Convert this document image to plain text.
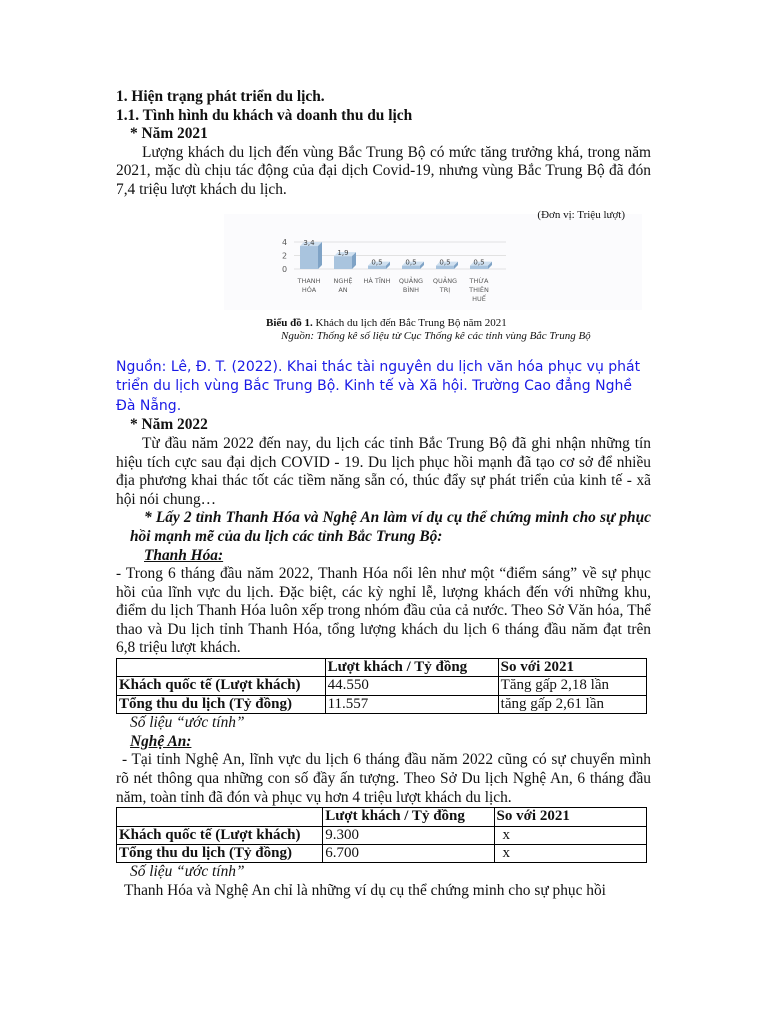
1. Hiện trạng phát triển du lịch.

1.1. Tình hình du khách và doanh thu du lịch

* Năm 2021

Lượng khách du lịch đến vùng Bắc Trung Bộ có mức tăng trưởng khá, trong năm 2021, mặc dù chịu tác động của đại dịch Covid-19, nhưng vùng Bắc Trung Bộ đã đón 7,4 triệu lượt khách du lịch.

0
2
4 3,4
THANH
HÓA
1,9
NGHỆ
AN
0,5
HÀ TĨNH
0,5
QUẢNG
BÌNH
0,5
QUẢNG
TRỊ
0,5
THỪA
THIÊN
HUẾ
(Đơn vị: Triệu lượt)
Biểu đồ 1. Khách du lịch đến Bắc Trung Bộ năm 2021
Nguồn: Thống kê số liệu từ Cục Thống kê các tỉnh vùng Bắc Trung Bộ

Nguồn: Lê, Đ. T. (2022). Khai thác tài nguyên du lịch văn hóa phục vụ phát triển du lịch vùng Bắc Trung Bộ. Kinh tế và Xã hội. Trường Cao đẳng Nghề Đà Nẵng.

* Năm 2022

Từ đầu năm 2022 đến nay, du lịch các tỉnh Bắc Trung Bộ đã ghi nhận những tín hiệu tích cực sau đại dịch COVID - 19. Du lịch phục hồi mạnh đã tạo cơ sở để nhiều địa phương khai thác tốt các tiềm năng sẵn có, thúc đẩy sự phát triển của kinh tế - xã hội nói chung…

* Lấy 2 tỉnh Thanh Hóa và Nghệ An làm ví dụ cụ thể chứng minh cho sự phục hồi mạnh mẽ của du lịch các tỉnh Bắc Trung Bộ:

Thanh Hóa:

- Trong 6 tháng đầu năm 2022, Thanh Hóa nổi lên như một “điểm sáng” về sự phục hồi của lĩnh vực du lịch. Đặc biệt, các kỳ nghỉ lễ, lượng khách đến với những khu, điểm du lịch Thanh Hóa luôn xếp trong nhóm đầu của cả nước. Theo Sở Văn hóa, Thể thao và Du lịch tỉnh Thanh Hóa, tổng lượng khách du lịch 6 tháng đầu năm đạt trên 6,8 triệu lượt khách.

	Lượt khách / Tỷ đồng	So với 2021
Khách quốc tế (Lượt khách)	44.550	Tăng gấp 2,18 lần
Tổng thu du lịch (Tỷ đồng)	11.557	tăng gấp 2,61 lần

Số liệu “ước tính”

Nghệ An:

- Tại tỉnh Nghệ An, lĩnh vực du lịch 6 tháng đầu năm 2022 cũng có sự chuyển mình rõ nét thông qua những con số đầy ấn tượng. Theo Sở Du lịch Nghệ An, 6 tháng đầu năm, toàn tỉnh đã đón và phục vụ hơn 4 triệu lượt khách du lịch.

	Lượt khách / Tỷ đồng	So với 2021
Khách quốc tế (Lượt khách)	9.300	x
Tổng thu du lịch (Tỷ đồng)	6.700	x

Số liệu “ước tính”

Thanh Hóa và Nghệ An chỉ là những ví dụ cụ thể chứng minh cho sự phục hồi
